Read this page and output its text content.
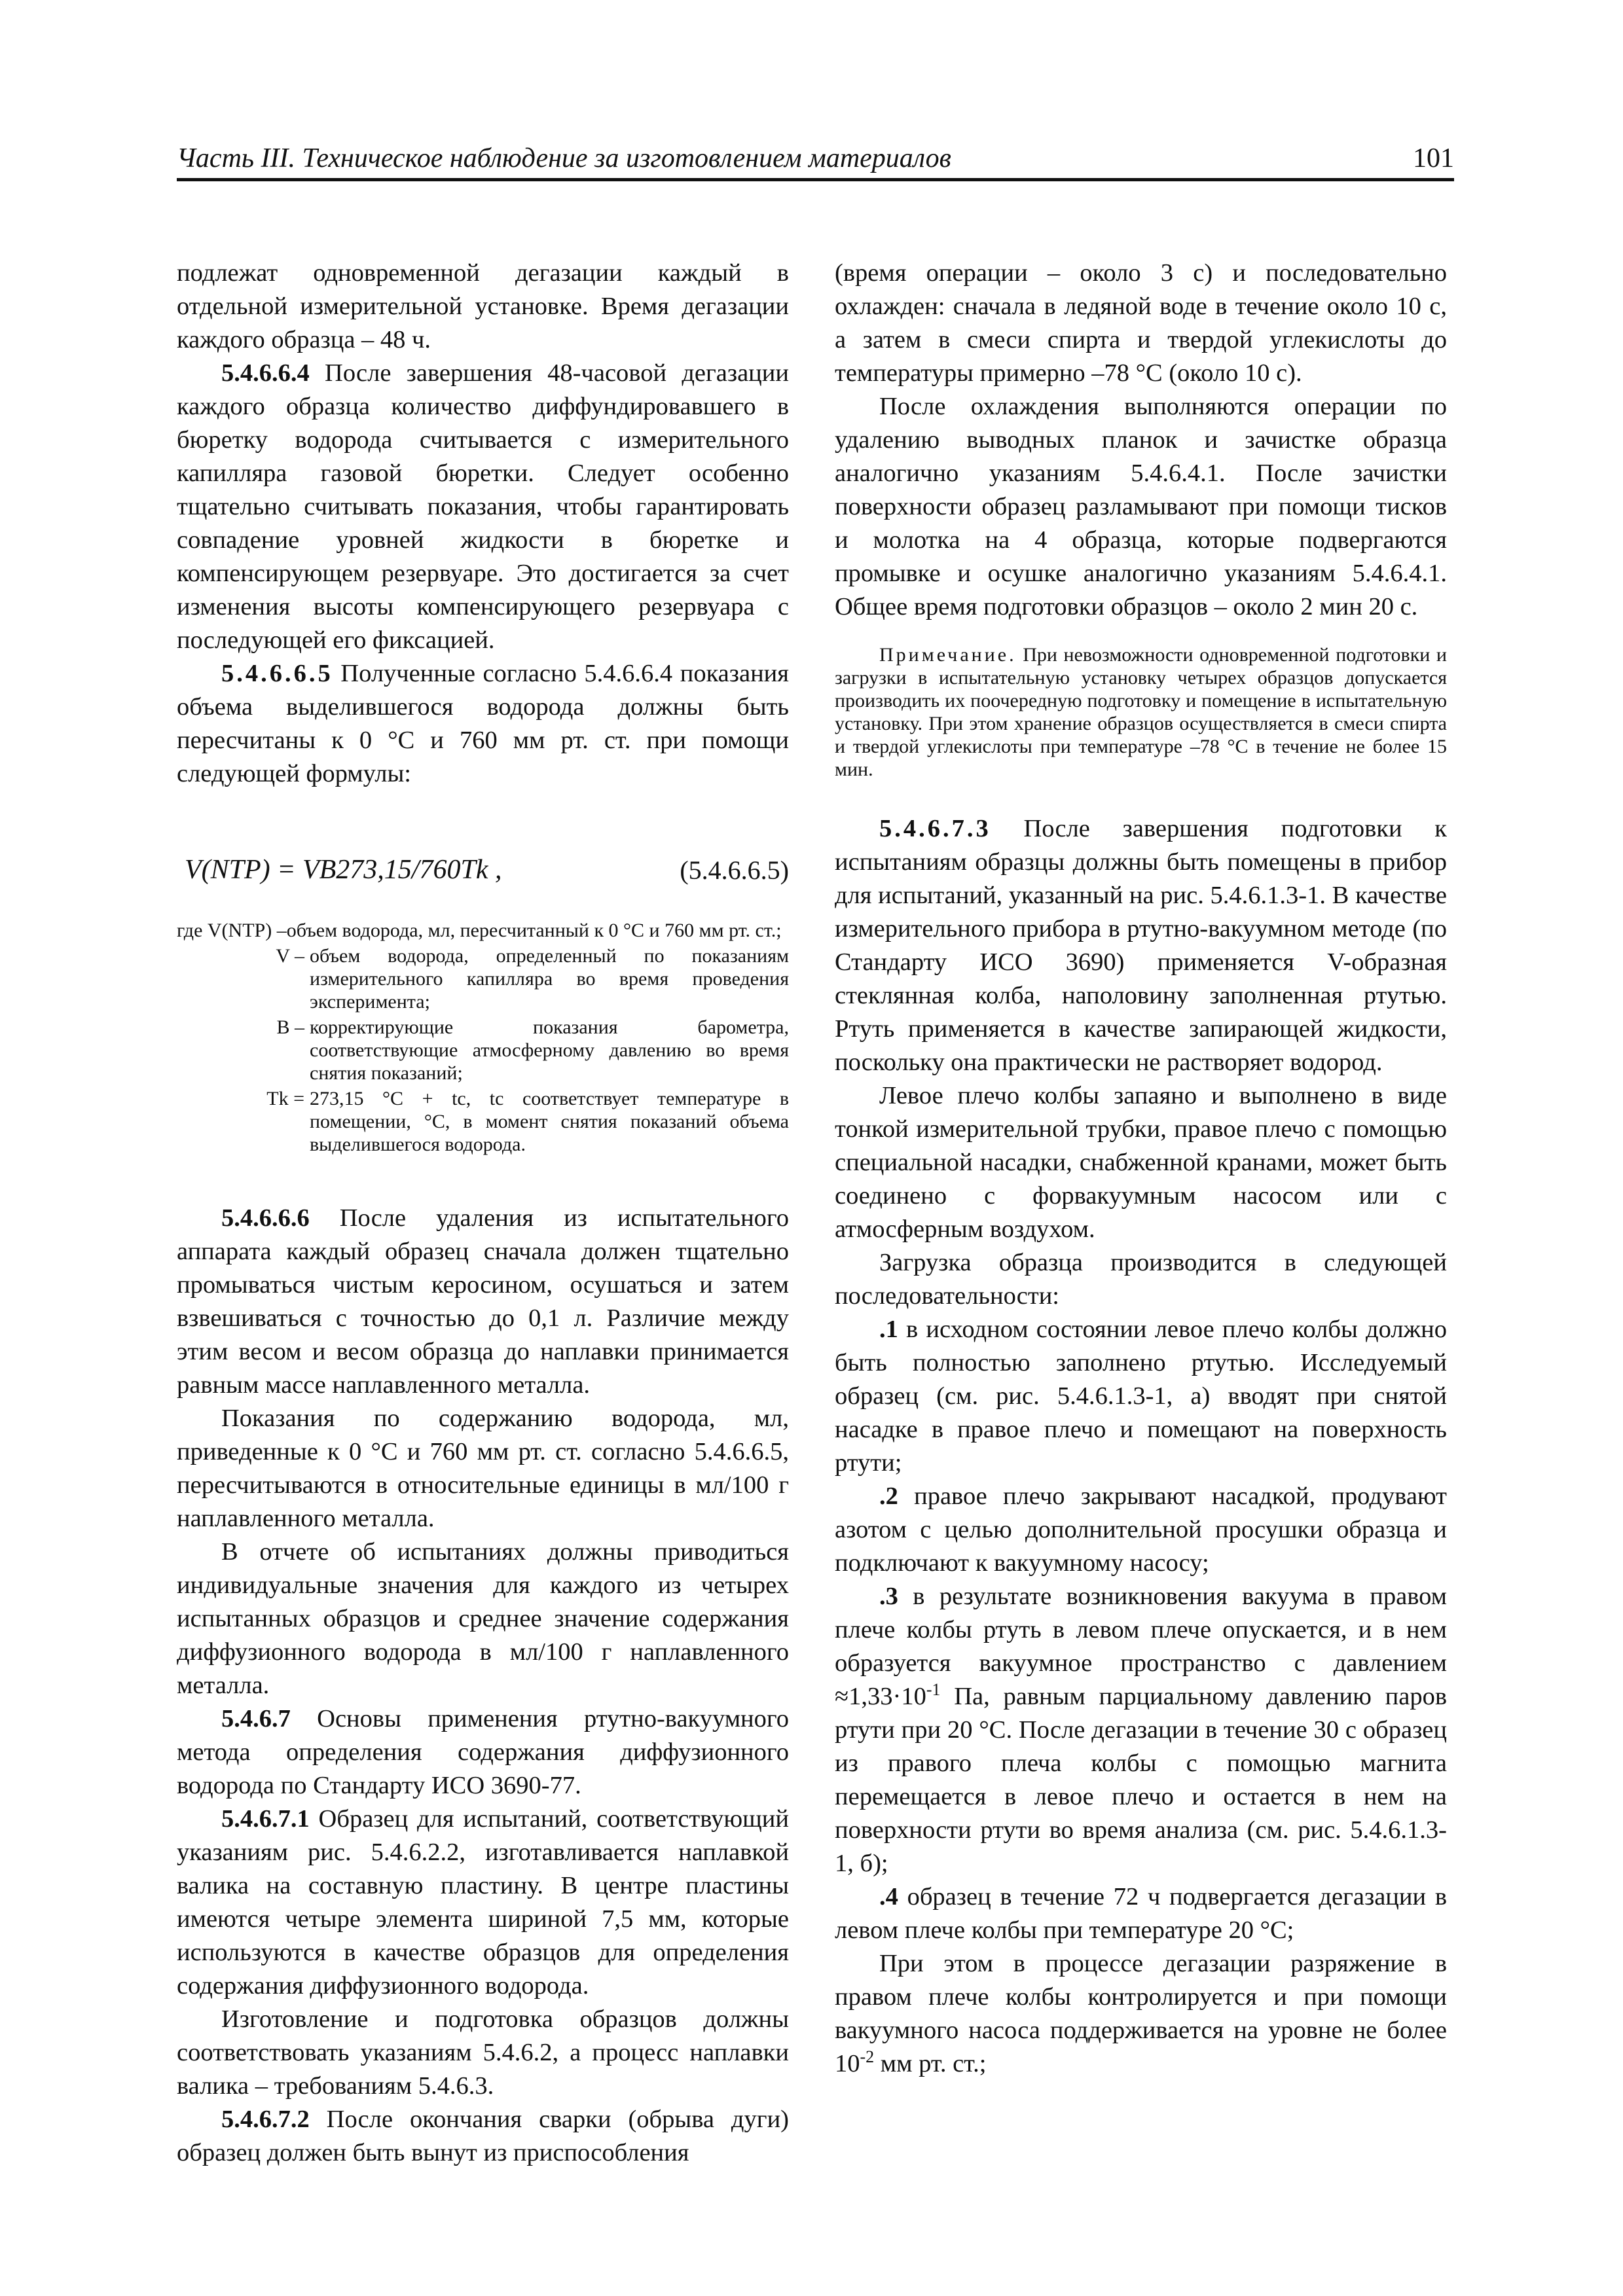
Часть III. Техническое наблюдение за изготовлением материалов	101

подлежат одновременной дегазации каждый в отдельной измерительной установке. Время дегазации каждого образца – 48 ч.

5.4.6.6.4 После завершения 48-часовой дегазации каждого образца количество диффундировавшего в бюретку водорода считывается с измерительного капилляра газовой бюретки. Следует особенно тщательно считывать показания, чтобы гарантировать совпадение уровней жидкости в бюретке и компенсирующем резервуаре. Это достигается за счет изменения высоты компенсирующего резервуара с последующей его фиксацией.

5.4.6.6.5 Полученные согласно 5.4.6.6.4 показания объема выделившегося водорода должны быть пересчитаны к 0 °C и 760 мм рт. ст. при помощи следующей формулы:

V(NTP) = VB273,15/760Tk ,	(5.4.6.6.5)
где V(NTP) – объем водорода, мл, пересчитанный к 0 °C и 760 мм рт. ст.;
V – объем водорода, определенный по показаниям измерительного капилляра во время проведения эксперимента;
B – корректирующие показания барометра, соответствующие атмосферному давлению во время снятия показаний;
Tk = 273,15 °C + tc, tc соответствует температуре в помещении, °C, в момент снятия показаний объема выделившегося водорода.

5.4.6.6.6 После удаления из испытательного аппарата каждый образец сначала должен тщательно промываться чистым керосином, осушаться и затем взвешиваться с точностью до 0,1 л. Различие между этим весом и весом образца до наплавки принимается равным массе наплавленного металла.

Показания по содержанию водорода, мл, приведенные к 0 °C и 760 мм рт. ст. согласно 5.4.6.6.5, пересчитываются в относительные единицы в мл/100 г наплавленного металла.

В отчете об испытаниях должны приводиться индивидуальные значения для каждого из четырех испытанных образцов и среднее значение содержания диффузионного водорода в мл/100 г наплавленного металла.

5.4.6.7 Основы применения ртутно-вакуумного метода определения содержания диффузионного водорода по Стандарту ИСО 3690-77.

5.4.6.7.1 Образец для испытаний, соответствующий указаниям рис. 5.4.6.2.2, изготавливается наплавкой валика на составную пластину. В центре пластины имеются четыре элемента шириной 7,5 мм, которые используются в качестве образцов для определения содержания диффузионного водорода.

Изготовление и подготовка образцов должны соответствовать указаниям 5.4.6.2, а процесс наплавки валика – требованиям 5.4.6.3.

5.4.6.7.2 После окончания сварки (обрыва дуги) образец должен быть вынут из приспособления

(время операции – около 3 с) и последовательно охлажден: сначала в ледяной воде в течение около 10 с, а затем в смеси спирта и твердой углекислоты до температуры примерно –78 °C (около 10 с).

После охлаждения выполняются операции по удалению выводных планок и зачистке образца аналогично указаниям 5.4.6.4.1. После зачистки поверхности образец разламывают при помощи тисков и молотка на 4 образца, которые подвергаются промывке и осушке аналогично указаниям 5.4.6.4.1. Общее время подготовки образцов – около 2 мин 20 с.

Примечание. При невозможности одновременной подготовки и загрузки в испытательную установку четырех образцов допускается производить их поочередную подготовку и помещение в испытательную установку. При этом хранение образцов осуществляется в смеси спирта и твердой углекислоты при температуре –78 °C в течение не более 15 мин.

5.4.6.7.3 После завершения подготовки к испытаниям образцы должны быть помещены в прибор для испытаний, указанный на рис. 5.4.6.1.3-1. В качестве измерительного прибора в ртутно-вакуумном методе (по Стандарту ИСО 3690) применяется V-образная стеклянная колба, наполовину заполненная ртутью. Ртуть применяется в качестве запирающей жидкости, поскольку она практически не растворяет водород.

Левое плечо колбы запаяно и выполнено в виде тонкой измерительной трубки, правое плечо с помощью специальной насадки, снабженной кранами, может быть соединено с форвакуумным насосом или с атмосферным воздухом.

Загрузка образца производится в следующей последовательности:

.1 в исходном состоянии левое плечо колбы должно быть полностью заполнено ртутью. Исследуемый образец (см. рис. 5.4.6.1.3-1, а) вводят при снятой насадке в правое плечо и помещают на поверхность ртути;

.2 правое плечо закрывают насадкой, продувают азотом с целью дополнительной просушки образца и подключают к вакуумному насосу;

.3 в результате возникновения вакуума в правом плече колбы ртуть в левом плече опускается, и в нем образуется вакуумное пространство с давлением $\approx 1,33\cdot 10^{-1}$ Па, равным парциальному давлению паров ртути при 20 °C. После дегазации в течение 30 с образец из правого плеча колбы с помощью магнита перемещается в левое плечо и остается в нем на поверхности ртути во время анализа (см. рис. 5.4.6.1.3-1, б);

.4 образец в течение 72 ч подвергается дегазации в левом плече колбы при температуре 20 °C;

При этом в процессе дегазации разряжение в правом плече колбы контролируется и при помощи вакуумного насоса поддерживается на уровне не более $10^{-2}$ мм рт. ст.;
